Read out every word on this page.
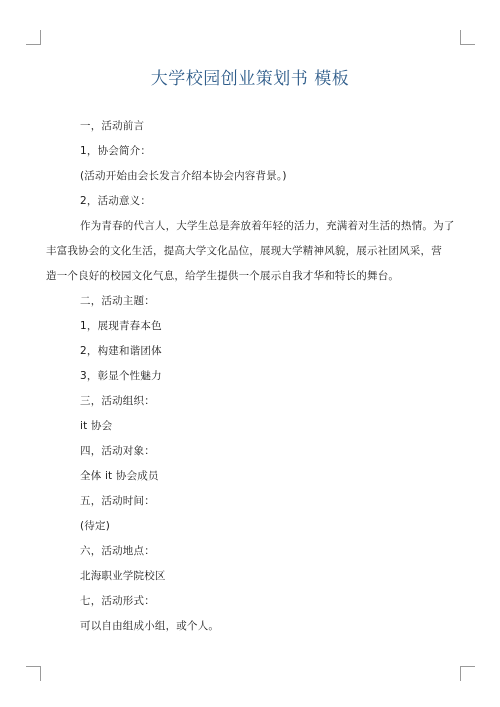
大学校园创业策划书 模板
一，活动前言
1，协会简介：
(活动开始由会长发言介绍本协会内容背景。)
2，活动意义：
作为青春的代言人，大学生总是奔放着年轻的活力，充满着对生活的热情。为了
丰富我协会的文化生活，提高大学文化品位，展现大学精神风貌，展示社团风采，营
造一个良好的校园文化气息，给学生提供一个展示自我才华和特长的舞台。
二，活动主题：
1，展现青春本色
2，构建和谐团体
3，彰显个性魅力
三，活动组织：
it 协会
四，活动对象：
全体 it 协会成员
五，活动时间：
(待定)
六，活动地点：
北海职业学院校区
七，活动形式：
可以自由组成小组，或个人。
